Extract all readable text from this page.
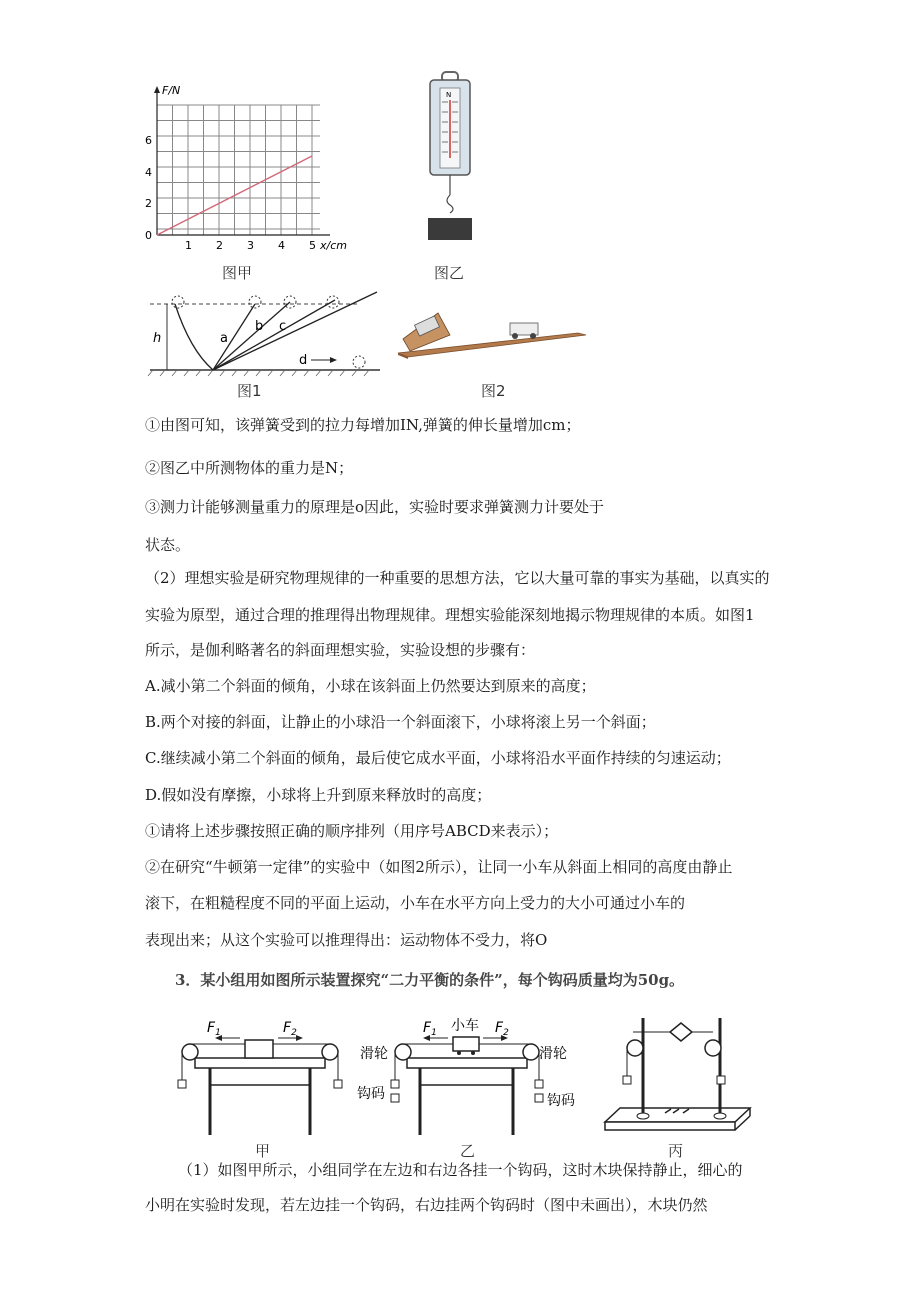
F/N
0
2
4
6
1 2 3 4 5 x/cm
图甲
N
图乙
h	a
b c
d
图1	图2
①由图可知，该弹簧受到的拉力每增加IN,弹簧的伸长量增加cm；
②图乙中所测物体的重力是N；
③测力计能够测量重力的原理是o因此，实验时要求弹簧测力计要处于
状态。
（2）理想实验是研究物理规律的一种重要的思想方法，它以大量可靠的事实为基础，以真实的
实验为原型，通过合理的推理得出物理规律。理想实验能深刻地揭示物理规律的本质。如图1
所示，是伽利略著名的斜面理想实验，实验设想的步骤有：
A.减小第二个斜面的倾角，小球在该斜面上仍然要达到原来的高度；
B.两个对接的斜面，让静止的小球沿一个斜面滚下，小球将滚上另一个斜面；
C.继续减小第二个斜面的倾角，最后使它成水平面，小球将沿水平面作持续的匀速运动；
D.假如没有摩擦，小球将上升到原来释放时的高度；
①请将上述步骤按照正确的顺序排列（用序号ABCD来表示）；
②在研究“牛顿第一定律”的实验中（如图2所示），让同一小车从斜面上相同的高度由静止
滚下，在粗糙程度不同的平面上运动，小车在水平方向上受力的大小可通过小车的
表现出来；从这个实验可以推理得出：运动物体不受力，将O
3．某小组用如图所示装置探究“二力平衡的条件”，每个钩码质量均为50g。
$F_1$	$F_2$	$F_1$	$F_2$
小车
滑轮	滑轮
钩码	钩码
甲	乙	丙
（1）如图甲所示，小组同学在左边和右边各挂一个钩码，这时木块保持静止，细心的
小明在实验时发现，若左边挂一个钩码，右边挂两个钩码时（图中未画出），木块仍然
